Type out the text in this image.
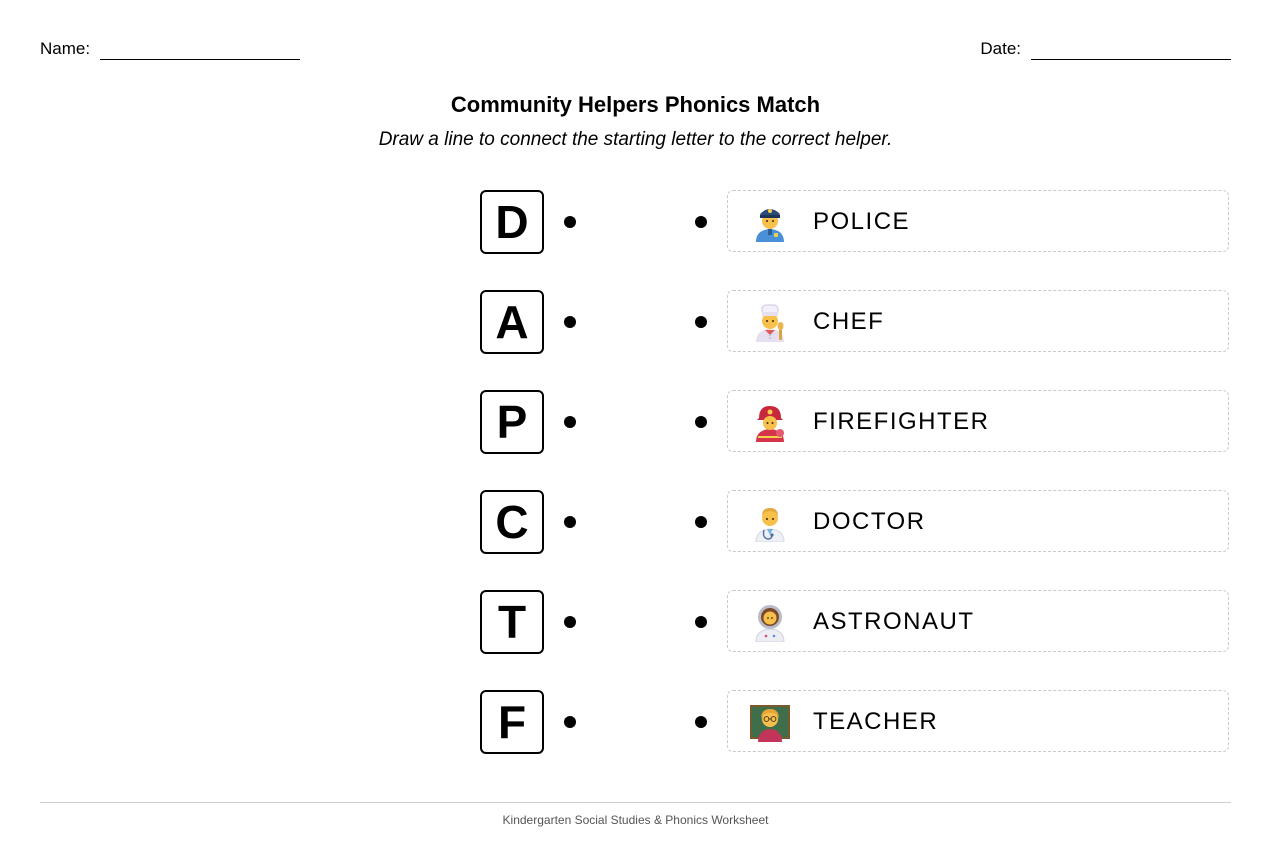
Name:	Date:
Community Helpers Phonics Match
Draw a line to connect the starting letter to the correct helper.
D	POLICE
A	CHEF
P	FIREFIGHTER
C	DOCTOR
T	ASTRONAUT
F	TEACHER
Kindergarten Social Studies & Phonics Worksheet
